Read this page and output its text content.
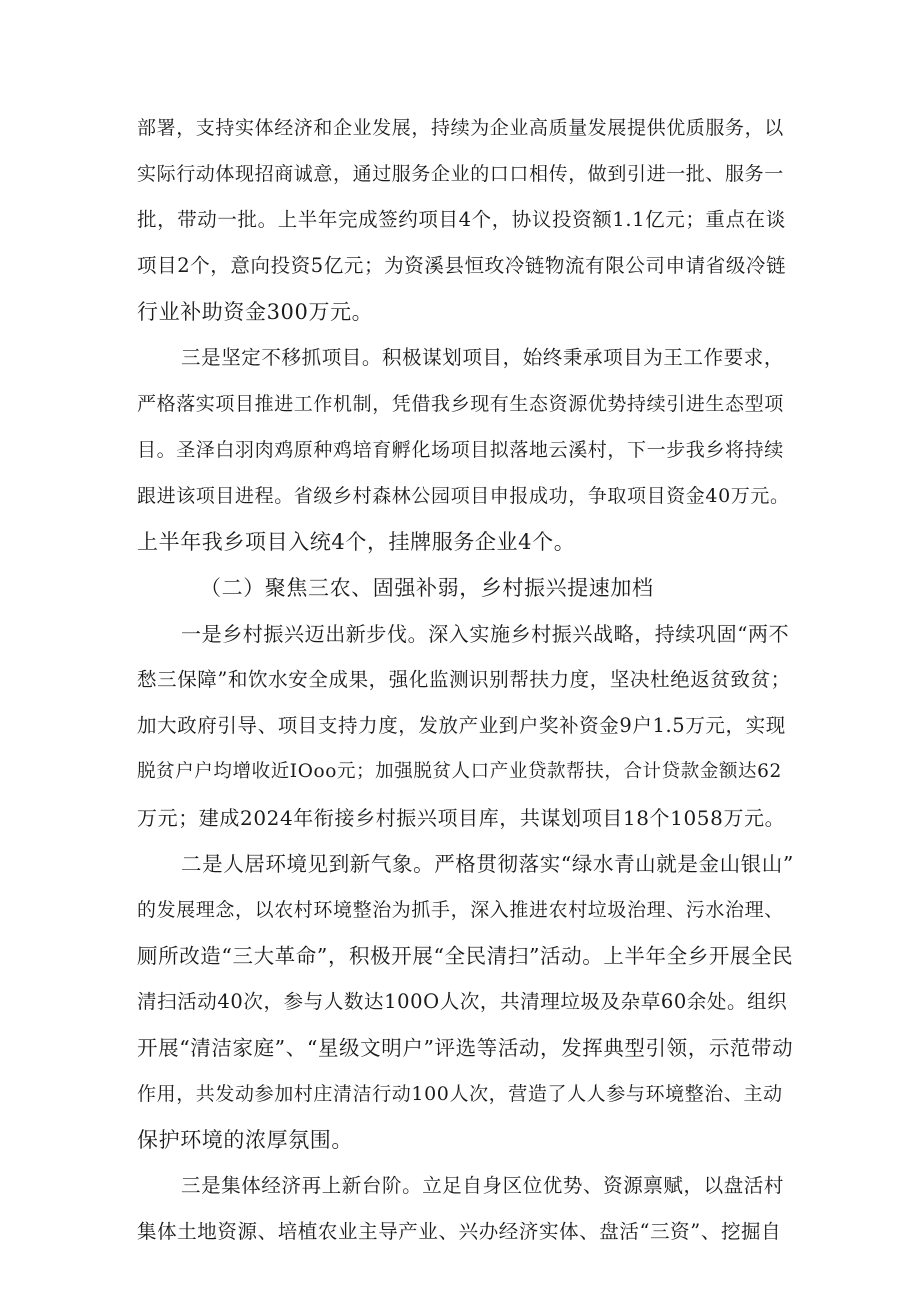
部署，支持实体经济和企业发展，持续为企业高质量发展提供优质服务，以
实际行动体现招商诚意，通过服务企业的口口相传，做到引进一批、服务一
批，带动一批。上半年完成签约项目4个，协议投资额1.1亿元；重点在谈
项目2个，意向投资5亿元；为资溪县恒玫冷链物流有限公司申请省级冷链
行业补助资金300万元。
三是坚定不移抓项目。积极谋划项目，始终秉承项目为王工作要求，
严格落实项目推进工作机制，凭借我乡现有生态资源优势持续引进生态型项
目。圣泽白羽肉鸡原种鸡培育孵化场项目拟落地云溪村，下一步我乡将持续
跟进该项目进程。省级乡村森林公园项目申报成功，争取项目资金40万元。
上半年我乡项目入统4个，挂牌服务企业4个。
（二）聚焦三农、固强补弱，乡村振兴提速加档
一是乡村振兴迈出新步伐。深入实施乡村振兴战略，持续巩固“两不
愁三保障”和饮水安全成果，强化监测识别帮扶力度，坚决杜绝返贫致贫；
加大政府引导、项目支持力度，发放产业到户奖补资金9户1.5万元，实现
脱贫户户均增收近IOoo元；加强脱贫人口产业贷款帮扶，合计贷款金额达62
万元；建成2024年衔接乡村振兴项目库，共谋划项目18个1058万元。
二是人居环境见到新气象。严格贯彻落实“绿水青山就是金山银山”
的发展理念，以农村环境整治为抓手，深入推进农村垃圾治理、污水治理、
厕所改造“三大革命”，积极开展“全民清扫”活动。上半年全乡开展全民
清扫活动40次，参与人数达100O人次，共清理垃圾及杂草60余处。组织
开展“清洁家庭”、“星级文明户”评选等活动，发挥典型引领，示范带动
作用，共发动参加村庄清洁行动100人次，营造了人人参与环境整治、主动
保护环境的浓厚氛围。
三是集体经济再上新台阶。立足自身区位优势、资源禀赋，以盘活村
集体土地资源、培植农业主导产业、兴办经济实体、盘活“三资”、挖掘自
